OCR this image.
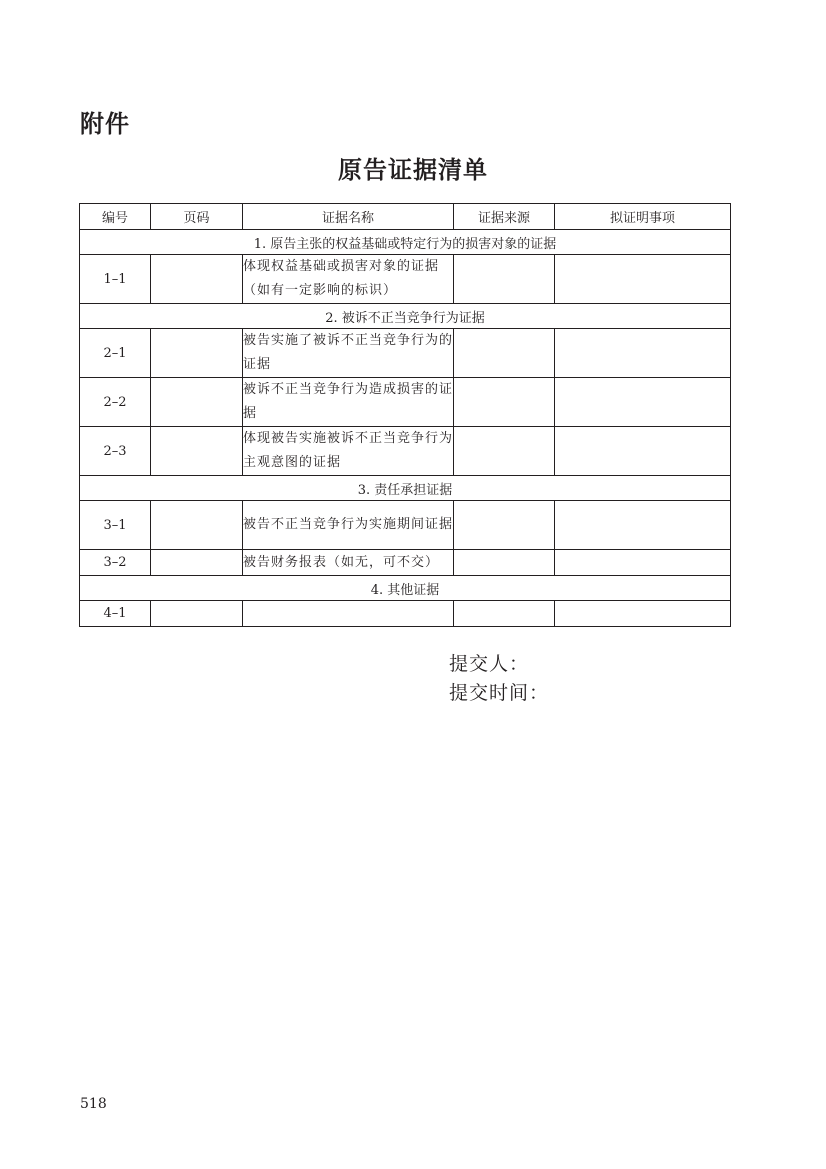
附件
原告证据清单
编号	页码	证据名称	证据来源	拟证明事项
1. 原告主张的权益基础或特定行为的损害对象的证据				
1–1		体现权益基础或损害对象的证据（如有一定影响的标识）		
2. 被诉不正当竞争行为证据				
2–1		被告实施了被诉不正当竞争行为的证据		
2–2		被诉不正当竞争行为造成损害的证据		
2–3		体现被告实施被诉不正当竞争行为主观意图的证据		
3. 责任承担证据				
3–1		被告不正当竞争行为实施期间证据		
3–2		被告财务报表（如无，可不交）		
4. 其他证据				
4–1				
提交人：
提交时间：
518
